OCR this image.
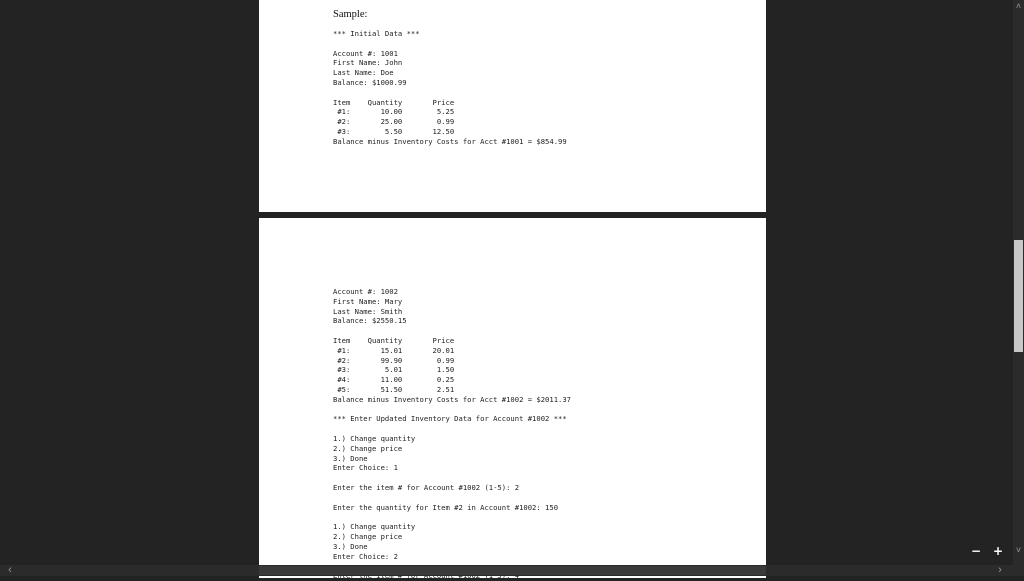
Sample:
*** Initial Data ***

Account #: 1001
First Name: John
Last Name: Doe
Balance: $1000.99

Item    Quantity       Price
#1:       10.00        5.25
#2:       25.00        0.99
#3:        5.50       12.50
Balance minus Inventory Costs for Acct #1001 = $854.99
Account #: 1002
First Name: Mary
Last Name: Smith
Balance: $2550.15

Item    Quantity       Price
#1:       15.01       20.01
#2:       99.90        0.99
#3:        5.01        1.50
#4:       11.00        0.25
#5:       51.50        2.51
Balance minus Inventory Costs for Acct #1002 = $2011.37

*** Enter Updated Inventory Data for Account #1002 ***

1.) Change quantity
2.) Change price
3.) Done
Enter Choice: 1

Enter the item # for Account #1002 (1-5): 2

Enter the quantity for Item #2 in Account #1002: 150

1.) Change quantity
2.) Change price
3.) Done
Enter Choice: 2

˄
˅
‹	›
− +
